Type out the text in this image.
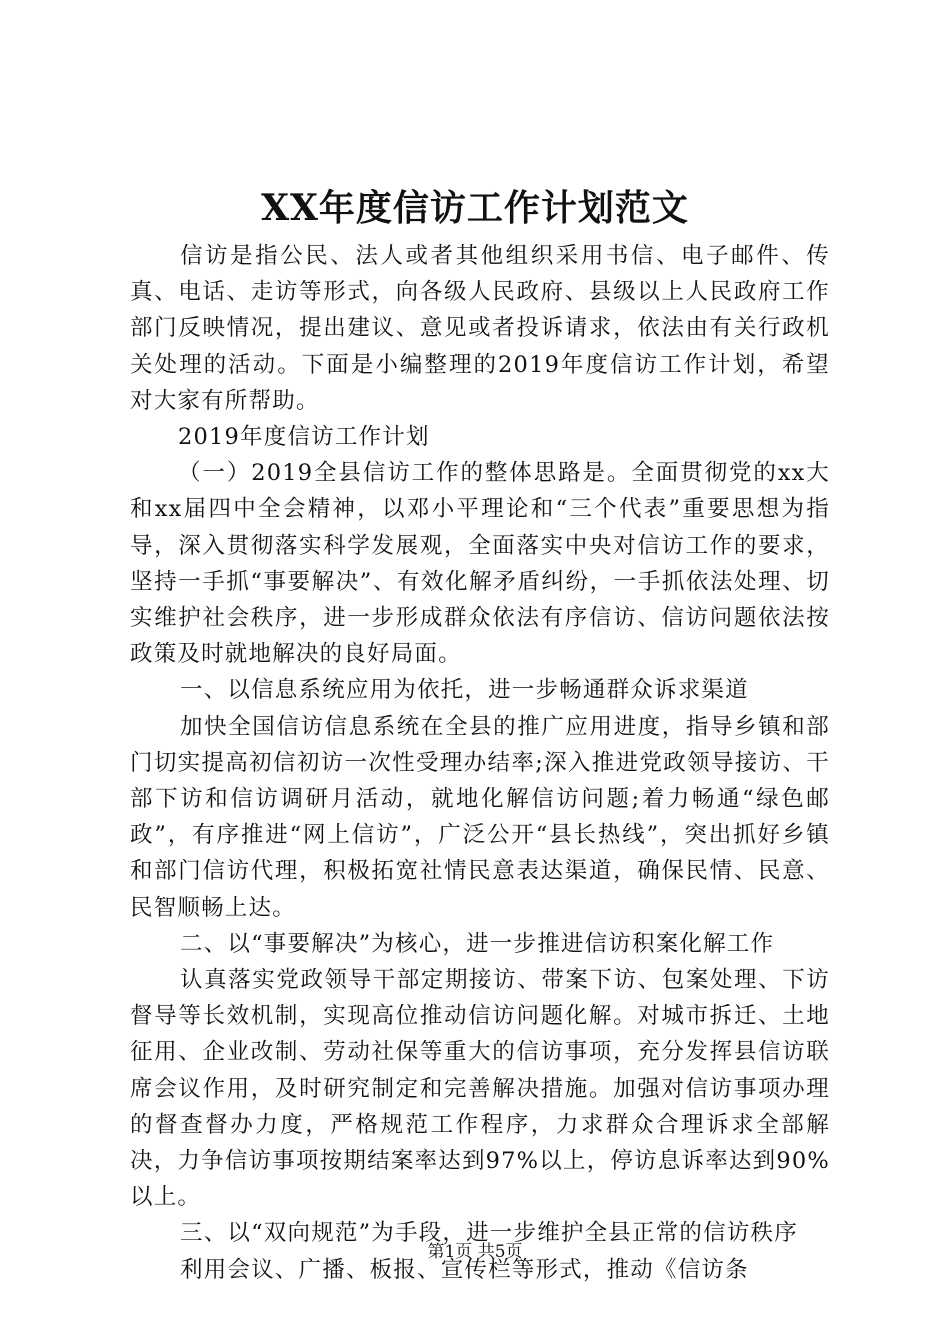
XX年度信访工作计划范文

信访是指公民、法人或者其他组织采用书信、电子邮件、传真、电话、走访等形式，向各级人民政府、县级以上人民政府工作部门反映情况，提出建议、意见或者投诉请求，依法由有关行政机关处理的活动。下面是小编整理的2019年度信访工作计划，希望对大家有所帮助。

2019年度信访工作计划

（一）2019全县信访工作的整体思路是。全面贯彻党的xx大和xx届四中全会精神，以邓小平理论和“三个代表”重要思想为指导，深入贯彻落实科学发展观，全面落实中央对信访工作的要求，坚持一手抓“事要解决”、有效化解矛盾纠纷，一手抓依法处理、切实维护社会秩序，进一步形成群众依法有序信访、信访问题依法按政策及时就地解决的良好局面。

一、以信息系统应用为依托，进一步畅通群众诉求渠道

加快全国信访信息系统在全县的推广应用进度，指导乡镇和部门切实提高初信初访一次性受理办结率;深入推进党政领导接访、干部下访和信访调研月活动，就地化解信访问题;着力畅通“绿色邮政”，有序推进“网上信访”，广泛公开“县长热线”，突出抓好乡镇和部门信访代理，积极拓宽社情民意表达渠道，确保民情、民意、民智顺畅上达。

二、以“事要解决”为核心，进一步推进信访积案化解工作

认真落实党政领导干部定期接访、带案下访、包案处理、下访督导等长效机制，实现高位推动信访问题化解。对城市拆迁、土地征用、企业改制、劳动社保等重大的信访事项，充分发挥县信访联席会议作用，及时研究制定和完善解决措施。加强对信访事项办理的督查督办力度，严格规范工作程序，力求群众合理诉求全部解决，力争信访事项按期结案率达到97%以上，停访息诉率达到90%以上。

三、以“双向规范”为手段，进一步维护全县正常的信访秩序

利用会议、广播、板报、宣传栏等形式，推动《信访条

第1页 共5页
